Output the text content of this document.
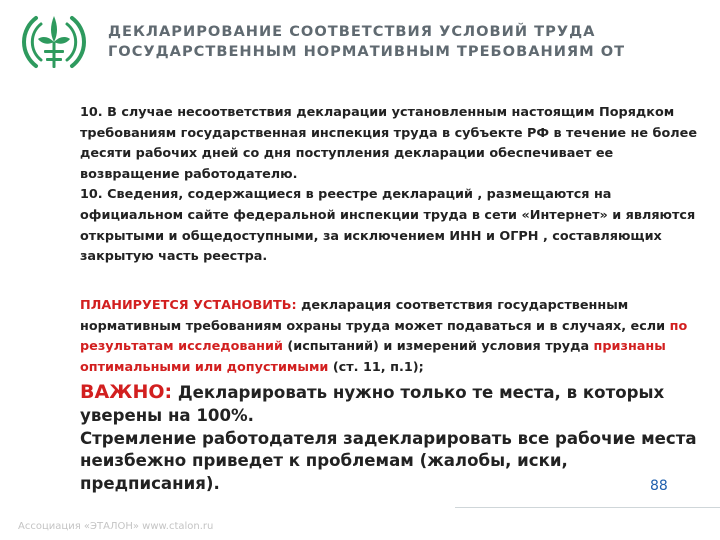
ДЕКЛАРИРОВАНИЕ СООТВЕТСТВИЯ УСЛОВИЙ ТРУДА
ГОСУДАРСТВЕННЫМ НОРМАТИВНЫМ ТРЕБОВАНИЯМ ОТ

10. В случае несоответствия декларации установленным настоящим Порядком требованиям государственная инспекция труда в субъекте РФ в течение не более десяти рабочих дней со дня поступления декларации обеспечивает ее возвращение работодателю.

10. Сведения, содержащиеся в реестре деклараций , размещаются на официальном сайте федеральной инспекции труда в сети «Интернет» и являются открытыми и общедоступными, за исключением ИНН и ОГРН , составляющих закрытую часть реестра.

ПЛАНИРУЕТСЯ УСТАНОВИТЬ: декларация соответствия государственным нормативным требованиям охраны труда может подаваться и в случаях, если по результатам исследований (испытаний) и измерений условия труда признаны оптимальными или допустимыми (ст. 11, п.1);

ВАЖНО: Декларировать нужно только те места, в которых уверены на 100%.

Стремление работодателя задекларировать все рабочие места неизбежно приведет к проблемам (жалобы, иски, предписания).	88
Ассоциация «ЭТАЛОН» www.ctalon.ru
